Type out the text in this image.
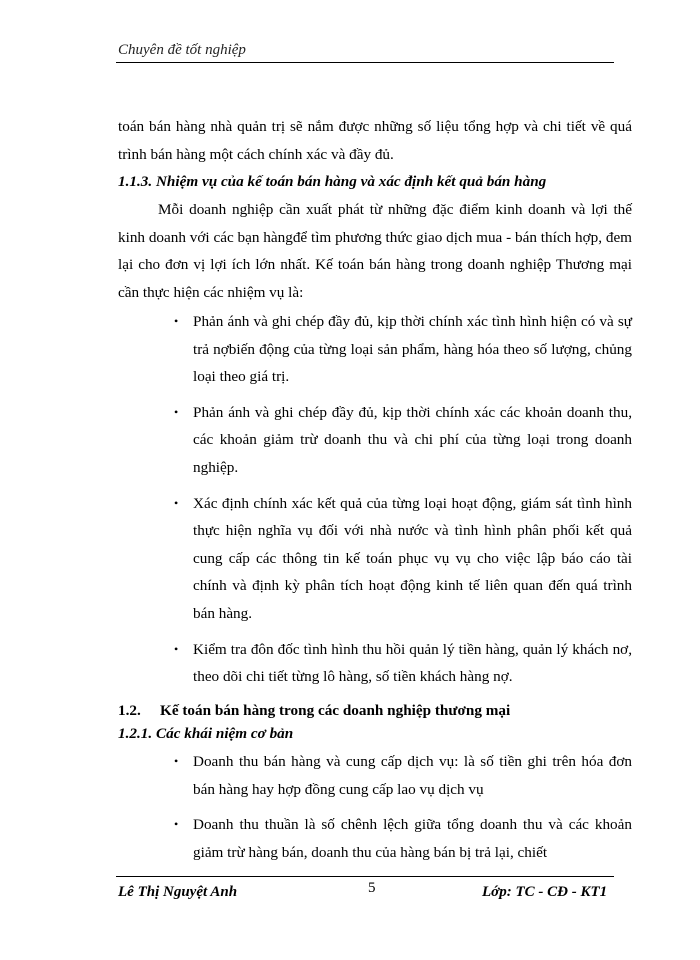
Chuyên đề tốt nghiệp
toán bán hàng nhà quản trị sẽ nắm được những số liệu tổng hợp và chi tiết về quá trình bán hàng một cách chính xác và đầy đủ.
1.1.3. Nhiệm vụ của kế toán bán hàng và xác định kết quả bán hàng
Mỗi doanh nghiệp cần xuất phát từ những đặc điểm kinh doanh và lợi thế kinh doanh với các bạn hàngđể tìm phương thức giao dịch mua - bán thích hợp, đem lại cho đơn vị lợi ích lớn nhất. Kế toán bán hàng trong doanh nghiệp Thương mại cần thực hiện các nhiệm vụ là:
• Phản ánh và ghi chép đầy đủ, kịp thời chính xác tình hình hiện có và sự trả nợbiến động của từng loại sản phẩm, hàng hóa theo số lượng, chủng loại theo giá trị.
• Phản ánh và ghi chép đầy đủ, kịp thời chính xác các khoản doanh thu, các khoản giảm trừ doanh thu và chi phí của từng loại trong doanh nghiệp.
• Xác định chính xác kết quả của từng loại hoạt động, giám sát tình hình thực hiện nghĩa vụ đối với nhà nước và tình hình phân phối kết quả cung cấp các thông tin kế toán phục vụ vụ cho việc lập báo cáo tài chính và định kỳ phân tích hoạt động kinh tế liên quan đến quá trình bán hàng.
• Kiểm tra đôn đốc tình hình thu hồi quản lý tiền hàng, quản lý khách nơ, theo dõi chi tiết từng lô hàng, số tiền khách hàng nợ.
1.2. Kế toán bán hàng trong các doanh nghiệp thương mại
1.2.1. Các khái niệm cơ bản
• Doanh thu bán hàng và cung cấp dịch vụ: là số tiền ghi trên hóa đơn bán hàng hay hợp đồng cung cấp lao vụ dịch vụ
• Doanh thu thuần là số chênh lệch giữa tổng doanh thu và các khoản giảm trừ hàng bán, doanh thu của hàng bán bị trả lại, chiết
Lê Thị Nguyệt Anh	5	Lớp: TC - CĐ - KT1
